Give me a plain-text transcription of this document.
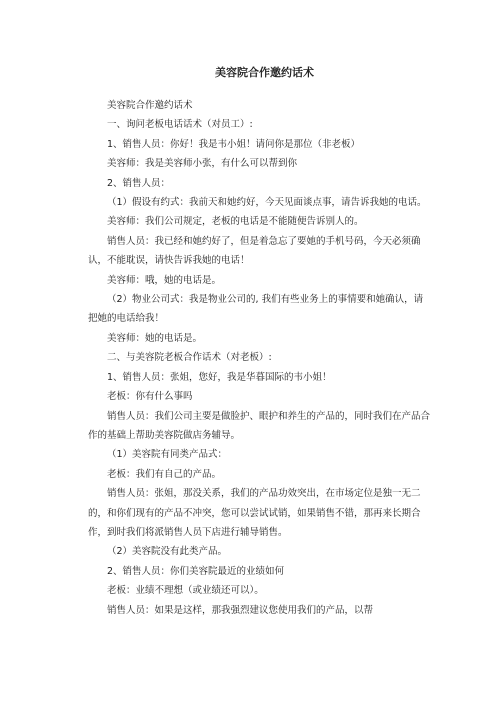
美容院合作邀约话术

美容院合作邀约话术

一、询问老板电话话术（对员工）:

1、销售人员：你好！我是韦小姐！请问你是那位（非老板）

美容师：我是美容师小张，有什么可以帮到你

2、销售人员：

（1）假设有约式：我前天和她约好，今天见面谈点事，请告诉我她的电话。

美容师：我们公司规定，老板的电话是不能随便告诉别人的。

销售人员：我已经和她约好了，但是着急忘了要她的手机号码，今天必须确认，不能耽误，请快告诉我她的电话！

美容师：哦，她的电话是。

（2）物业公司式：我是物业公司的, 我们有些业务上的事情要和她确认，请把她的电话给我！

美容师：她的电话是。

二、与美容院老板合作话术（对老板）:

1、销售人员：张姐，您好，我是华暮国际的韦小姐！

老板：你有什么事吗

销售人员：我们公司主要是做脸护、眼护和养生的产品的，同时我们在产品合作的基础上帮助美容院做店务辅导。

（1）美容院有同类产品式：

老板：我们有自己的产品。

销售人员：张姐，那没关系，我们的产品功效突出，在市场定位是独一无二的，和你们现有的产品不冲突，您可以尝试试销，如果销售不错，那再来长期合作，到时我们将派销售人员下店进行辅导销售。

（2）美容院没有此类产品。

2、销售人员：你们美容院最近的业绩如何

老板：业绩不理想（或业绩还可以）。

销售人员：如果是这样，那我强烈建议您使用我们的产品，以帮
